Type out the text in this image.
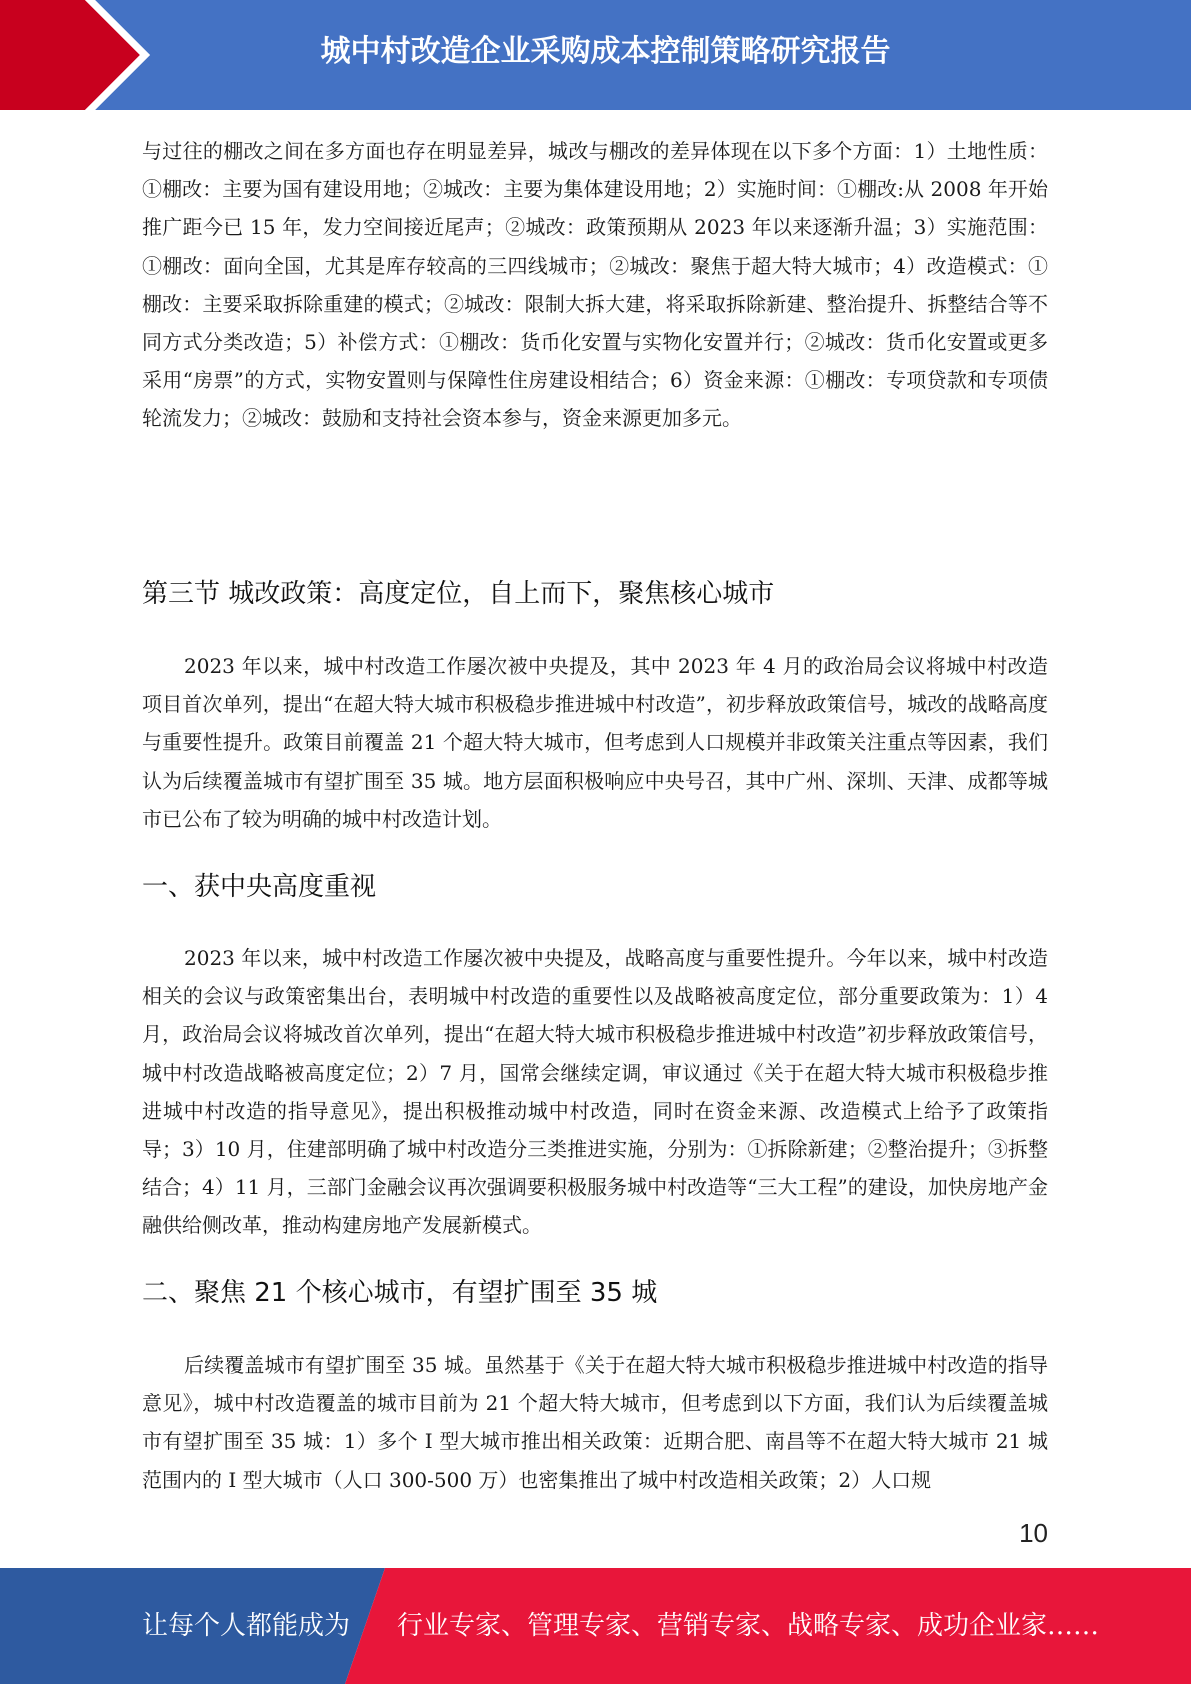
城中村改造企业采购成本控制策略研究报告

与过往的棚改之间在多方面也存在明显差异，城改与棚改的差异体现在以下多个方面：1）土地性质：①棚改：主要为国有建设用地；②城改：主要为集体建设用地；2）实施时间：①棚改:从 2008 年开始推广距今已 15 年，发力空间接近尾声；②城改：政策预期从 2023 年以来逐渐升温；3）实施范围：①棚改：面向全国，尤其是库存较高的三四线城市；②城改：聚焦于超大特大城市；4）改造模式：①棚改：主要采取拆除重建的模式；②城改：限制大拆大建，将采取拆除新建、整治提升、拆整结合等不同方式分类改造；5）补偿方式：①棚改：货币化安置与实物化安置并行；②城改：货币化安置或更多采用“房票”的方式，实物安置则与保障性住房建设相结合；6）资金来源：①棚改：专项贷款和专项债轮流发力；②城改：鼓励和支持社会资本参与，资金来源更加多元。

第三节 城改政策：高度定位，自上而下，聚焦核心城市

2023 年以来，城中村改造工作屡次被中央提及，其中 2023 年 4 月的政治局会议将城中村改造项目首次单列，提出“在超大特大城市积极稳步推进城中村改造”，初步释放政策信号，城改的战略高度与重要性提升。政策目前覆盖 21 个超大特大城市，但考虑到人口规模并非政策关注重点等因素，我们认为后续覆盖城市有望扩围至 35 城。地方层面积极响应中央号召，其中广州、深圳、天津、成都等城市已公布了较为明确的城中村改造计划。

一、获中央高度重视

2023 年以来，城中村改造工作屡次被中央提及，战略高度与重要性提升。今年以来，城中村改造相关的会议与政策密集出台，表明城中村改造的重要性以及战略被高度定位，部分重要政策为：1）4 月，政治局会议将城改首次单列，提出“在超大特大城市积极稳步推进城中村改造”初步释放政策信号，城中村改造战略被高度定位；2）7 月，国常会继续定调，审议通过《关于在超大特大城市积极稳步推进城中村改造的指导意见》，提出积极推动城中村改造，同时在资金来源、改造模式上给予了政策指导；3）10 月，住建部明确了城中村改造分三类推进实施，分别为：①拆除新建；②整治提升；③拆整结合；4）11 月，三部门金融会议再次强调要积极服务城中村改造等“三大工程”的建设，加快房地产金融供给侧改革，推动构建房地产发展新模式。

二、聚焦 21 个核心城市，有望扩围至 35 城

后续覆盖城市有望扩围至 35 城。虽然基于《关于在超大特大城市积极稳步推进城中村改造的指导意见》，城中村改造覆盖的城市目前为 21 个超大特大城市，但考虑到以下方面，我们认为后续覆盖城市有望扩围至 35 城：1）多个 I 型大城市推出相关政策：近期合肥、南昌等不在超大特大城市 21 城范围内的 I 型大城市（人口 300-500 万）也密集推出了城中村改造相关政策；2）人口规

10
让每个人都能成为 行业专家、管理专家、营销专家、战略专家、成功企业家……
